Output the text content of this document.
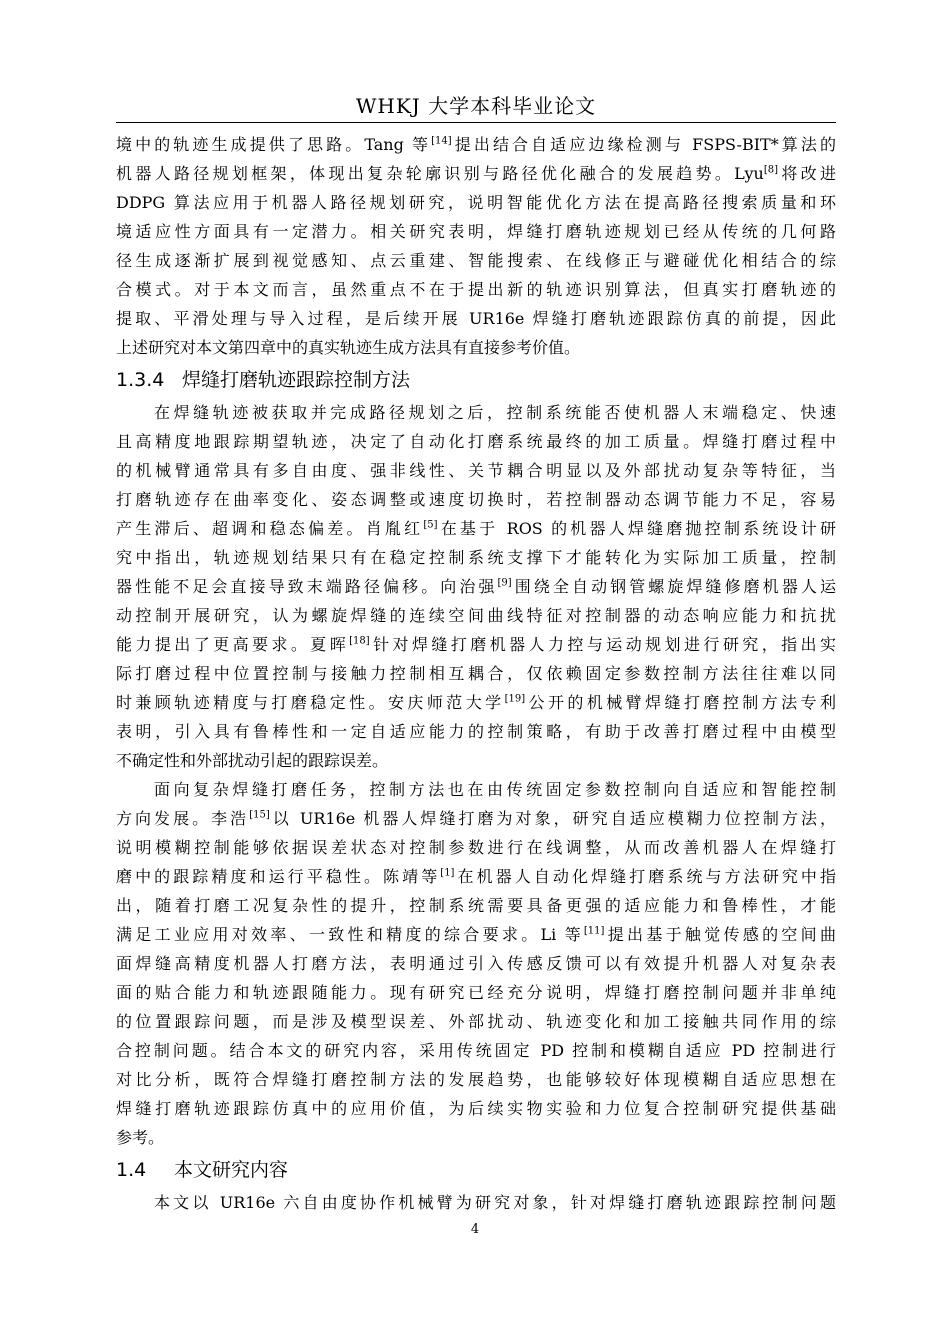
WHKJ 大学本科毕业论文
境中的轨迹生成提供了思路。Tang 等[14]提出结合自适应边缘检测与 FSPS-BIT*算法的
机器人路径规划框架，体现出复杂轮廓识别与路径优化融合的发展趋势。Lyu[8]将改进
DDPG 算法应用于机器人路径规划研究，说明智能优化方法在提高路径搜索质量和环
境适应性方面具有一定潜力。相关研究表明，焊缝打磨轨迹规划已经从传统的几何路
径生成逐渐扩展到视觉感知、点云重建、智能搜索、在线修正与避碰优化相结合的综
合模式。对于本文而言，虽然重点不在于提出新的轨迹识别算法，但真实打磨轨迹的
提取、平滑处理与导入过程，是后续开展 UR16e 焊缝打磨轨迹跟踪仿真的前提，因此
上述研究对本文第四章中的真实轨迹生成方法具有直接参考价值。
1.3.4 焊缝打磨轨迹跟踪控制方法
在焊缝轨迹被获取并完成路径规划之后，控制系统能否使机器人末端稳定、快速
且高精度地跟踪期望轨迹，决定了自动化打磨系统最终的加工质量。焊缝打磨过程中
的机械臂通常具有多自由度、强非线性、关节耦合明显以及外部扰动复杂等特征，当
打磨轨迹存在曲率变化、姿态调整或速度切换时，若控制器动态调节能力不足，容易
产生滞后、超调和稳态偏差。肖胤红[5]在基于 ROS 的机器人焊缝磨抛控制系统设计研
究中指出，轨迹规划结果只有在稳定控制系统支撑下才能转化为实际加工质量，控制
器性能不足会直接导致末端路径偏移。向治强[9]围绕全自动钢管螺旋焊缝修磨机器人运
动控制开展研究，认为螺旋焊缝的连续空间曲线特征对控制器的动态响应能力和抗扰
能力提出了更高要求。夏晖[18]针对焊缝打磨机器人力控与运动规划进行研究，指出实
际打磨过程中位置控制与接触力控制相互耦合，仅依赖固定参数控制方法往往难以同
时兼顾轨迹精度与打磨稳定性。安庆师范大学[19]公开的机械臂焊缝打磨控制方法专利
表明，引入具有鲁棒性和一定自适应能力的控制策略，有助于改善打磨过程中由模型
不确定性和外部扰动引起的跟踪误差。
面向复杂焊缝打磨任务，控制方法也在由传统固定参数控制向自适应和智能控制
方向发展。李浩[15]以 UR16e 机器人焊缝打磨为对象，研究自适应模糊力位控制方法，
说明模糊控制能够依据误差状态对控制参数进行在线调整，从而改善机器人在焊缝打
磨中的跟踪精度和运行平稳性。陈靖等[1]在机器人自动化焊缝打磨系统与方法研究中指
出，随着打磨工况复杂性的提升，控制系统需要具备更强的适应能力和鲁棒性，才能
满足工业应用对效率、一致性和精度的综合要求。Li 等[11]提出基于触觉传感的空间曲
面焊缝高精度机器人打磨方法，表明通过引入传感反馈可以有效提升机器人对复杂表
面的贴合能力和轨迹跟随能力。现有研究已经充分说明，焊缝打磨控制问题并非单纯
的位置跟踪问题，而是涉及模型误差、外部扰动、轨迹变化和加工接触共同作用的综
合控制问题。结合本文的研究内容，采用传统固定 PD 控制和模糊自适应 PD 控制进行
对比分析，既符合焊缝打磨控制方法的发展趋势，也能够较好体现模糊自适应思想在
焊缝打磨轨迹跟踪仿真中的应用价值，为后续实物实验和力位复合控制研究提供基础
参考。
1.4 本文研究内容
本文以 UR16e 六自由度协作机械臂为研究对象，针对焊缝打磨轨迹跟踪控制问题
4
